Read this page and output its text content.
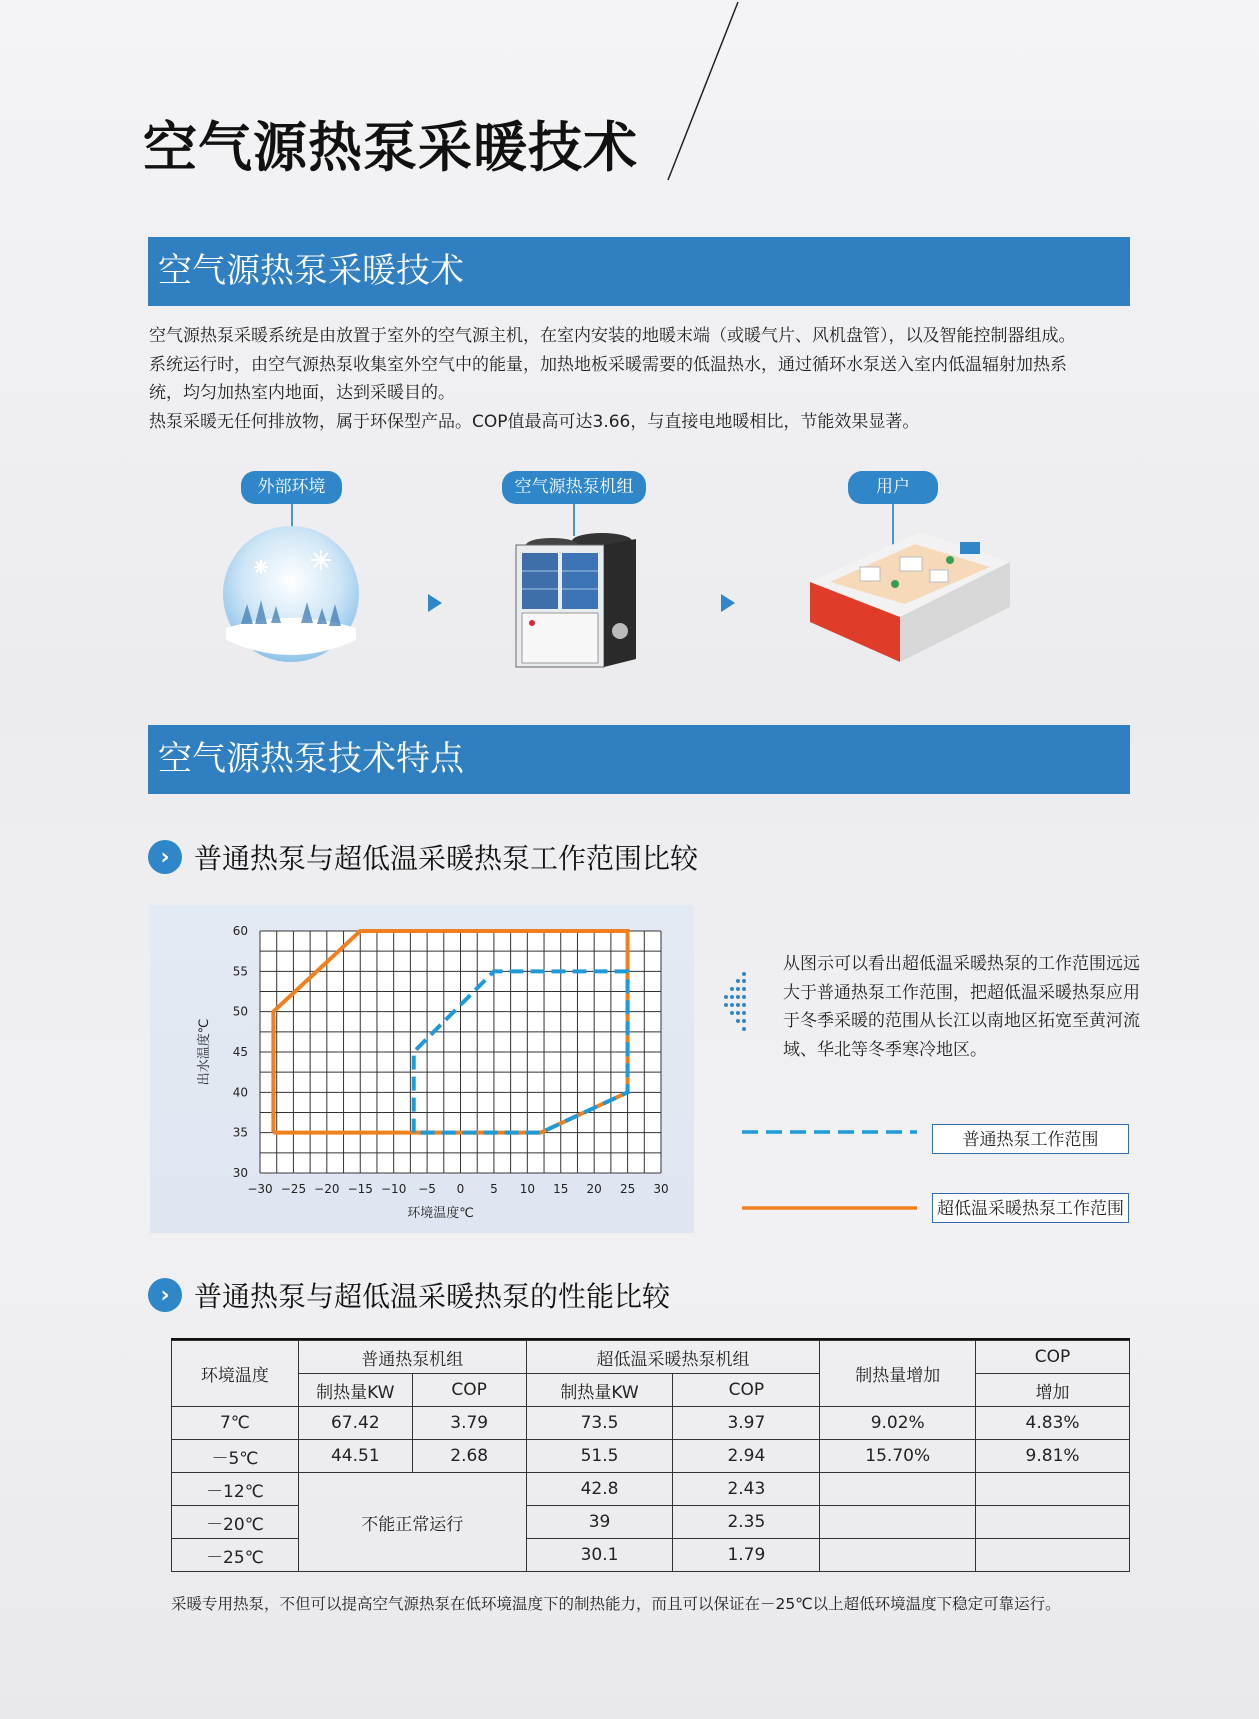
空气源热泵采暖技术
空气源热泵采暖技术
空气源热泵采暖系统是由放置于室外的空气源主机，在室内安装的地暖末端（或暖气片、风机盘管），以及智能控制器组成。
系统运行时，由空气源热泵收集室外空气中的能量，加热地板采暖需要的低温热水，通过循环水泵送入室内低温辐射加热系
统，均匀加热室内地面，达到采暖目的。
热泵采暖无任何排放物，属于环保型产品。COP值最高可达3.66，与直接电地暖相比，节能效果显著。
外部环境	空气源热泵机组	用户
空气源热泵技术特点
› 普通热泵与超低温采暖热泵工作范围比较
−30 −25 −20 −15 −10 −5 0 5 10 15 20 25 30
30
35
40
45
50
55
60
环境温度℃
出水温度℃
从图示可以看出超低温采暖热泵的工作范围远远大于普通热泵工作范围，把超低温采暖热泵应用于冬季采暖的范围从长江以南地区拓宽至黄河流域、华北等冬季寒冷地区。
普通热泵工作范围
超低温采暖热泵工作范围
› 普通热泵与超低温采暖热泵的性能比较
环境温度	普通热泵机组		超低温采暖热泵机组		制热量增加	COP
	制热量KW	COP	制热量KW	COP		增加
7℃	67.42	3.79	73.5	3.97	9.02%	4.83%
－5℃	44.51	2.68	51.5	2.94	15.70%	9.81%
－12℃	不能正常运行		42.8	2.43		
－20℃			39	2.35		
－25℃			30.1	1.79		
采暖专用热泵，不但可以提高空气源热泵在低环境温度下的制热能力，而且可以保证在－25℃以上超低环境温度下稳定可靠运行。
